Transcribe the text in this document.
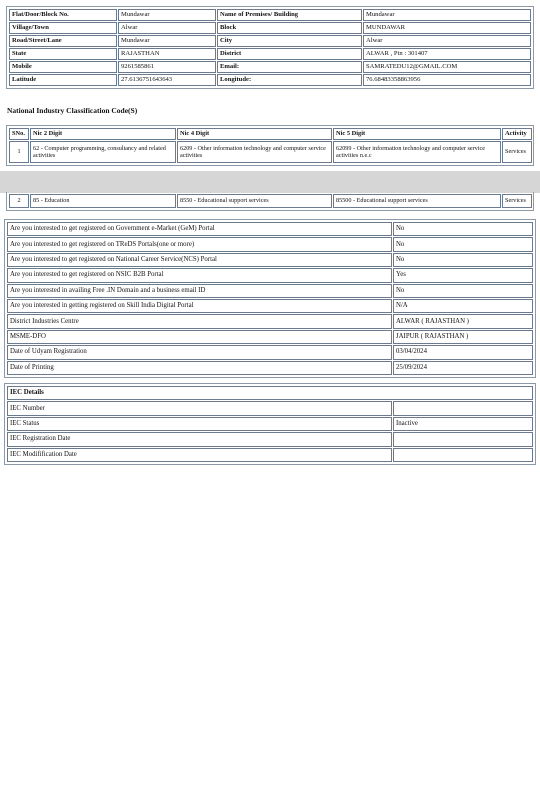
Flat/Door/Block No.	Mundawar	Name of Premises/ Building	Mundawar
Village/Town	Alwar	Block	MUNDAWAR
Road/Street/Lane	Mundawar	City	Alwar
State	RAJASTHAN	District	ALWAR , Pin : 301407
Mobile	9261585861	Email:	SAMRATEDU12@GMAIL.COM
Latitude	27.6136751643643	Longitude:	76.68483358863956
National Industry Classification Code(S)
SNo.	Nic 2 Digit	Nic 4 Digit	Nic 5 Digit	Activity
1	62 - Computer programming, consultancy and related activities	6209 - Other information technology and computer service activities	62099 - Other information technology and computer service activities n.e.c	Services
2	85 - Education	8550 - Educational support services	85500 - Educational support services	Services
Are you interested to get registered on Government e-Market (GeM) Portal	No
Are you interested to get registered on TReDS Portals(one or more)	No
Are you interested to get registered on National Career Service(NCS) Portal	No
Are you interested to get registered on NSIC B2B Portal	Yes
Are you interested in availing Free .IN Domain and a business email ID	No
Are you interested in getting registered on Skill India Digital Portal	N/A
District Industries Centre	ALWAR ( RAJASTHAN )
MSME-DFO	JAIPUR ( RAJASTHAN )
Date of Udyam Registration	03/04/2024
Date of Printing	25/09/2024
IEC Details	
IEC Number	
IEC Status	Inactive
IEC Registration Date	
IEC Modifification Date	
